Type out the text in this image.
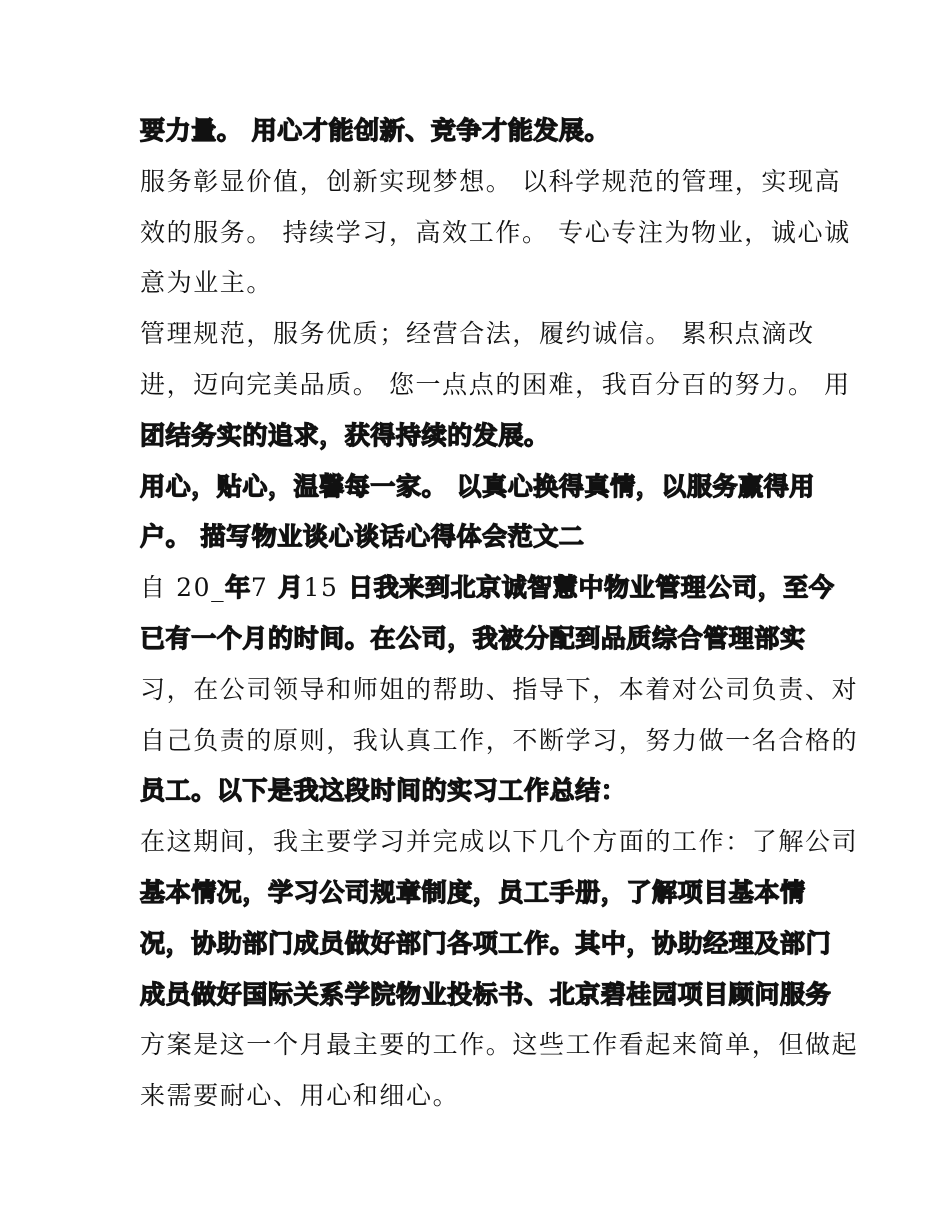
要力量。 用心才能创新、竞争才能发展。
服务彰显价值，创新实现梦想。 以科学规范的管理，实现高
效的服务。 持续学习，高效工作。 专心专注为物业，诚心诚
意为业主。
管理规范，服务优质；经营合法，履约诚信。 累积点滴改
进，迈向完美品质。 您一点点的困难，我百分百的努力。 用
团结务实的追求，获得持续的发展。
用心，贴心，温馨每一家。 以真心换得真情，以服务赢得用
户。 描写物业谈心谈话心得体会范文二
自 20_年7 月15 日我来到北京诚智慧中物业管理公司，至今
已有一个月的时间。在公司，我被分配到品质综合管理部实
习，在公司领导和师姐的帮助、指导下，本着对公司负责、对
自己负责的原则，我认真工作，不断学习，努力做一名合格的
员工。以下是我这段时间的实习工作总结：
在这期间，我主要学习并完成以下几个方面的工作：了解公司
基本情况，学习公司规章制度，员工手册，了解项目基本情
况，协助部门成员做好部门各项工作。其中，协助经理及部门
成员做好国际关系学院物业投标书、北京碧桂园项目顾问服务
方案是这一个月最主要的工作。这些工作看起来简单，但做起
来需要耐心、用心和细心。
